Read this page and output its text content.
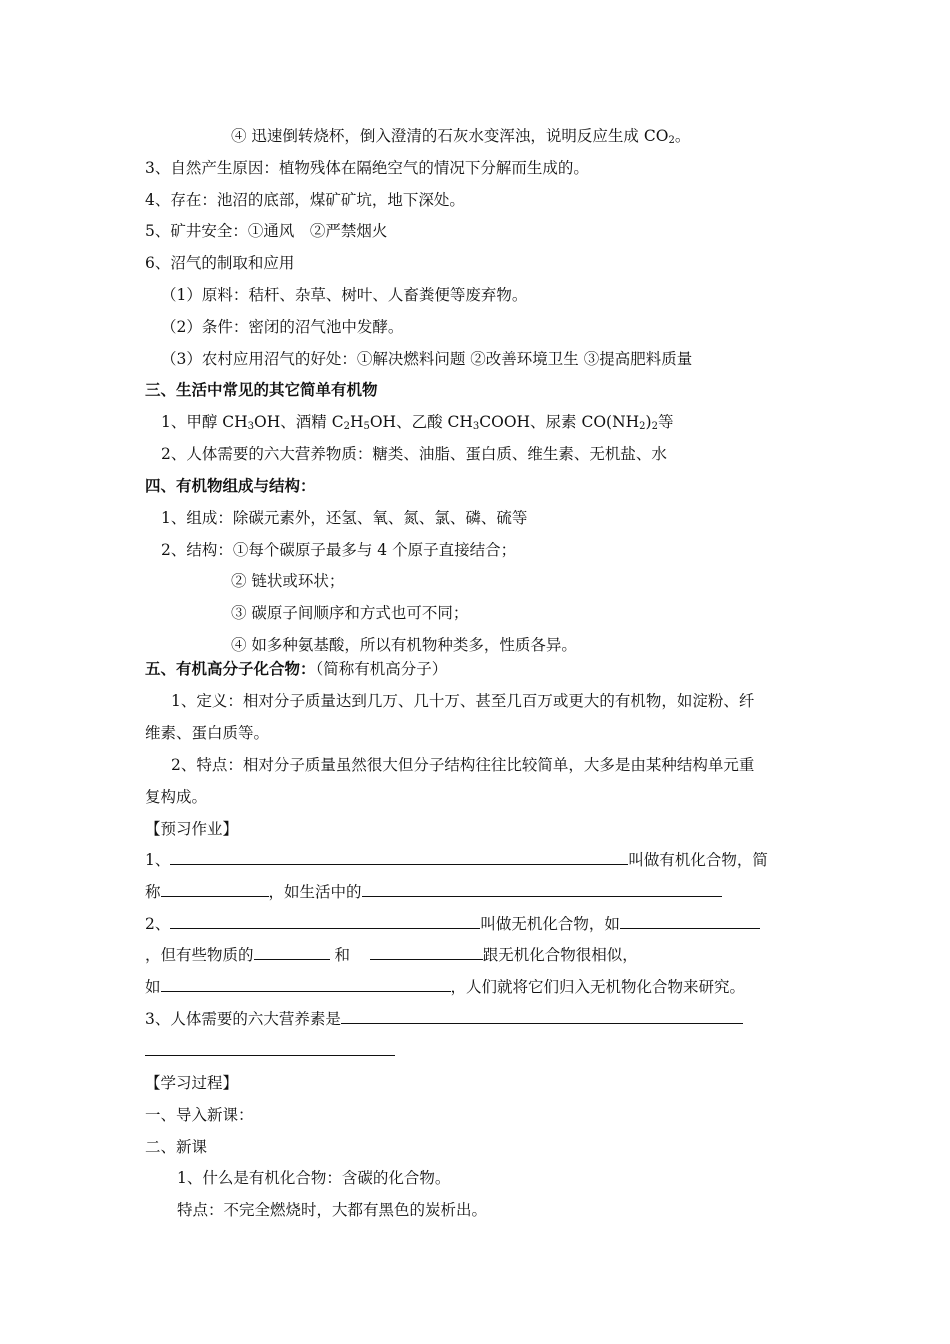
④ 迅速倒转烧杯，倒入澄清的石灰水变浑浊，说明反应生成 $CO_2$。
3、自然产生原因：植物残体在隔绝空气的情况下分解而生成的。
4、存在：池沼的底部，煤矿矿坑，地下深处。
5、矿井安全：①通风　②严禁烟火
6、沼气的制取和应用
（1）原料：秸杆、杂草、树叶、人畜粪便等废弃物。
（2）条件：密闭的沼气池中发酵。
（3）农村应用沼气的好处：①解决燃料问题 ②改善环境卫生 ③提高肥料质量
三、生活中常见的其它简单有机物
1、甲醇 $CH_3OH$、酒精 $C_2H_5OH$、乙酸 $CH_3COOH$、尿素 $CO(NH_2)_2$等
2、人体需要的六大营养物质：糖类、油脂、蛋白质、维生素、无机盐、水
四、有机物组成与结构：
1、组成：除碳元素外，还氢、氧、氮、氯、磷、硫等
2、结构：①每个碳原子最多与 4 个原子直接结合；
② 链状或环状；
③ 碳原子间顺序和方式也可不同；
④ 如多种氨基酸，所以有机物种类多，性质各异。
五、有机高分子化合物：（简称有机高分子）
1、定义：相对分子质量达到几万、几十万、甚至几百万或更大的有机物，如淀粉、纤
维素、蛋白质等。
2、特点：相对分子质量虽然很大但分子结构往往比较简单，大多是由某种结构单元重
复构成。
【预习作业】
1、	叫做有机化合物，简
称	，如生活中的
2、	叫做无机化合物，如
，但有些物质的	和	跟无机化合物很相似，
如	，人们就将它们归入无机物化合物来研究。
3、人体需要的六大营养素是
【学习过程】
一、导入新课：
二、新课
1、什么是有机化合物：含碳的化合物。
特点：不完全燃烧时，大都有黑色的炭析出。
